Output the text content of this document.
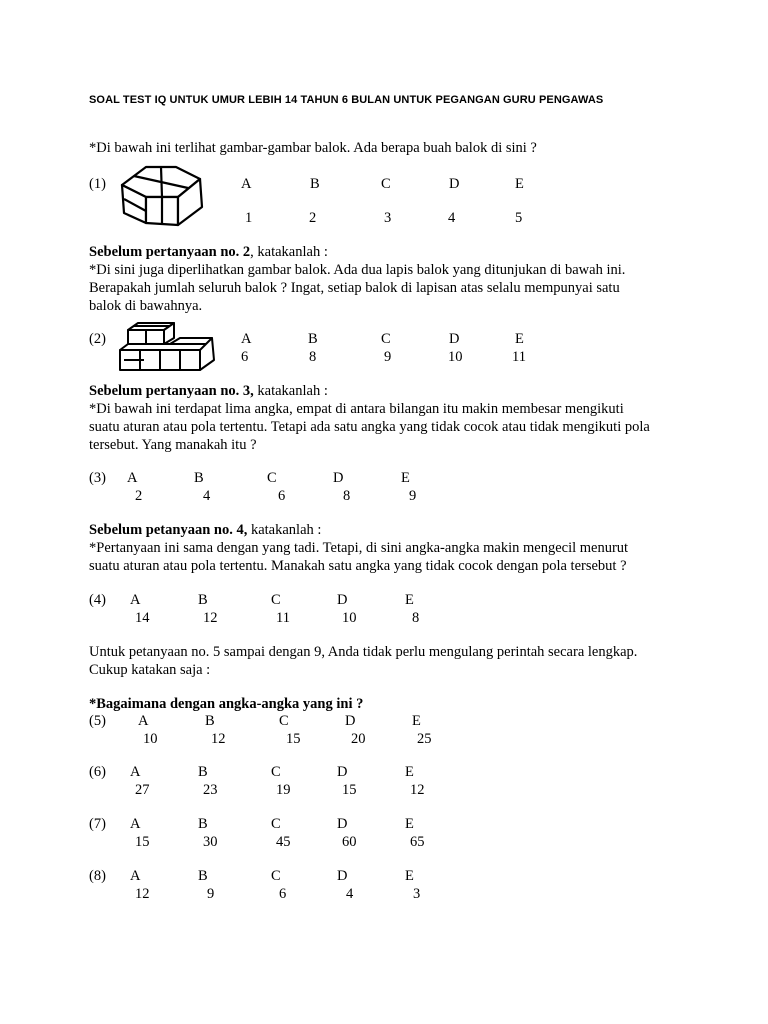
SOAL TEST IQ UNTUK UMUR LEBIH 14 TAHUN 6 BULAN UNTUK PEGANGAN GURU PENGAWAS
*Di bawah ini terlihat gambar-gambar balok. Ada berapa buah balok di sini ?
(1)	A	B	C	D	E
1	2	3	4	5
Sebelum pertanyaan no. 2, katakanlah :
*Di sini juga diperlihatkan gambar balok. Ada dua lapis balok yang ditunjukan di bawah ini.
Berapakah jumlah seluruh balok ? Ingat, setiap balok di lapisan atas selalu mempunyai satu
balok di bawahnya.
(2)	A	B	C	D	E
6	8	9	10	11
Sebelum pertanyaan no. 3, katakanlah :
*Di bawah ini terdapat lima angka, empat di antara bilangan itu makin membesar mengikuti
suatu aturan atau pola tertentu. Tetapi ada satu angka yang tidak cocok atau tidak mengikuti pola
tersebut. Yang manakah itu ?
(3) A	B	C	D	E
2	4	6	8	9
Sebelum petanyaan no. 4, katakanlah :
*Pertanyaan ini sama dengan yang tadi. Tetapi, di sini angka-angka makin mengecil menurut
suatu aturan atau pola tertentu. Manakah satu angka yang tidak cocok dengan pola tersebut ?
(4) A	B	C	D	E
14	12	11	10	8
Untuk petanyaan no. 5 sampai dengan 9, Anda tidak perlu mengulang perintah secara lengkap.
Cukup katakan saja :
*Bagaimana dengan angka-angka yang ini ?
(5) A	B	C	D	E
10	12	15	20	25
(6) A	B	C	D	E
27	23	19	15	12
(7) A	B	C	D	E
15	30	45	60	65
(8) A	B	C	D	E
12	9	6	4	3
